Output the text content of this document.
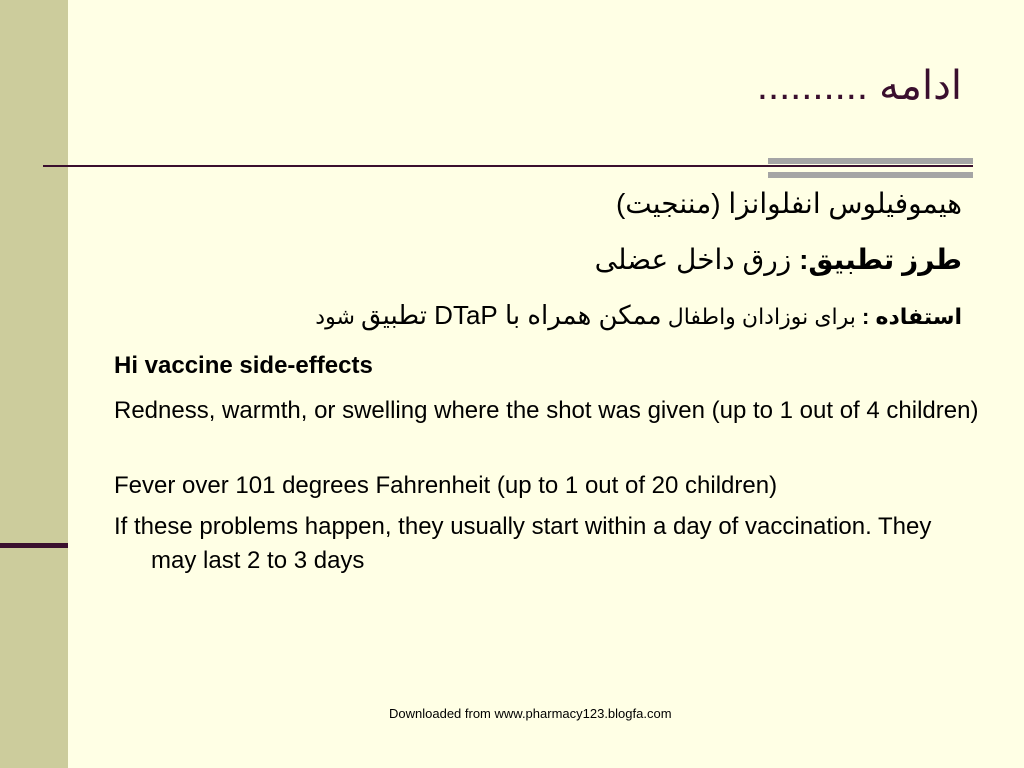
ادامه ..........
هیموفیلوس انفلوانزا (مننجیت)
طرز تطبیق: زرق داخل عضلی
استفاده : برای نوزادان واطفال ممکن همراه با DTaP تطبیق شود
Hi vaccine side-effects
Redness, warmth, or swelling where the shot was given (up to 1 out of 4 children)
Fever over 101 degrees Fahrenheit (up to 1 out of 20 children)
If these problems happen, they usually start within a day of vaccination. They may last 2 to 3 days
Downloaded from www.pharmacy123.blogfa.com
